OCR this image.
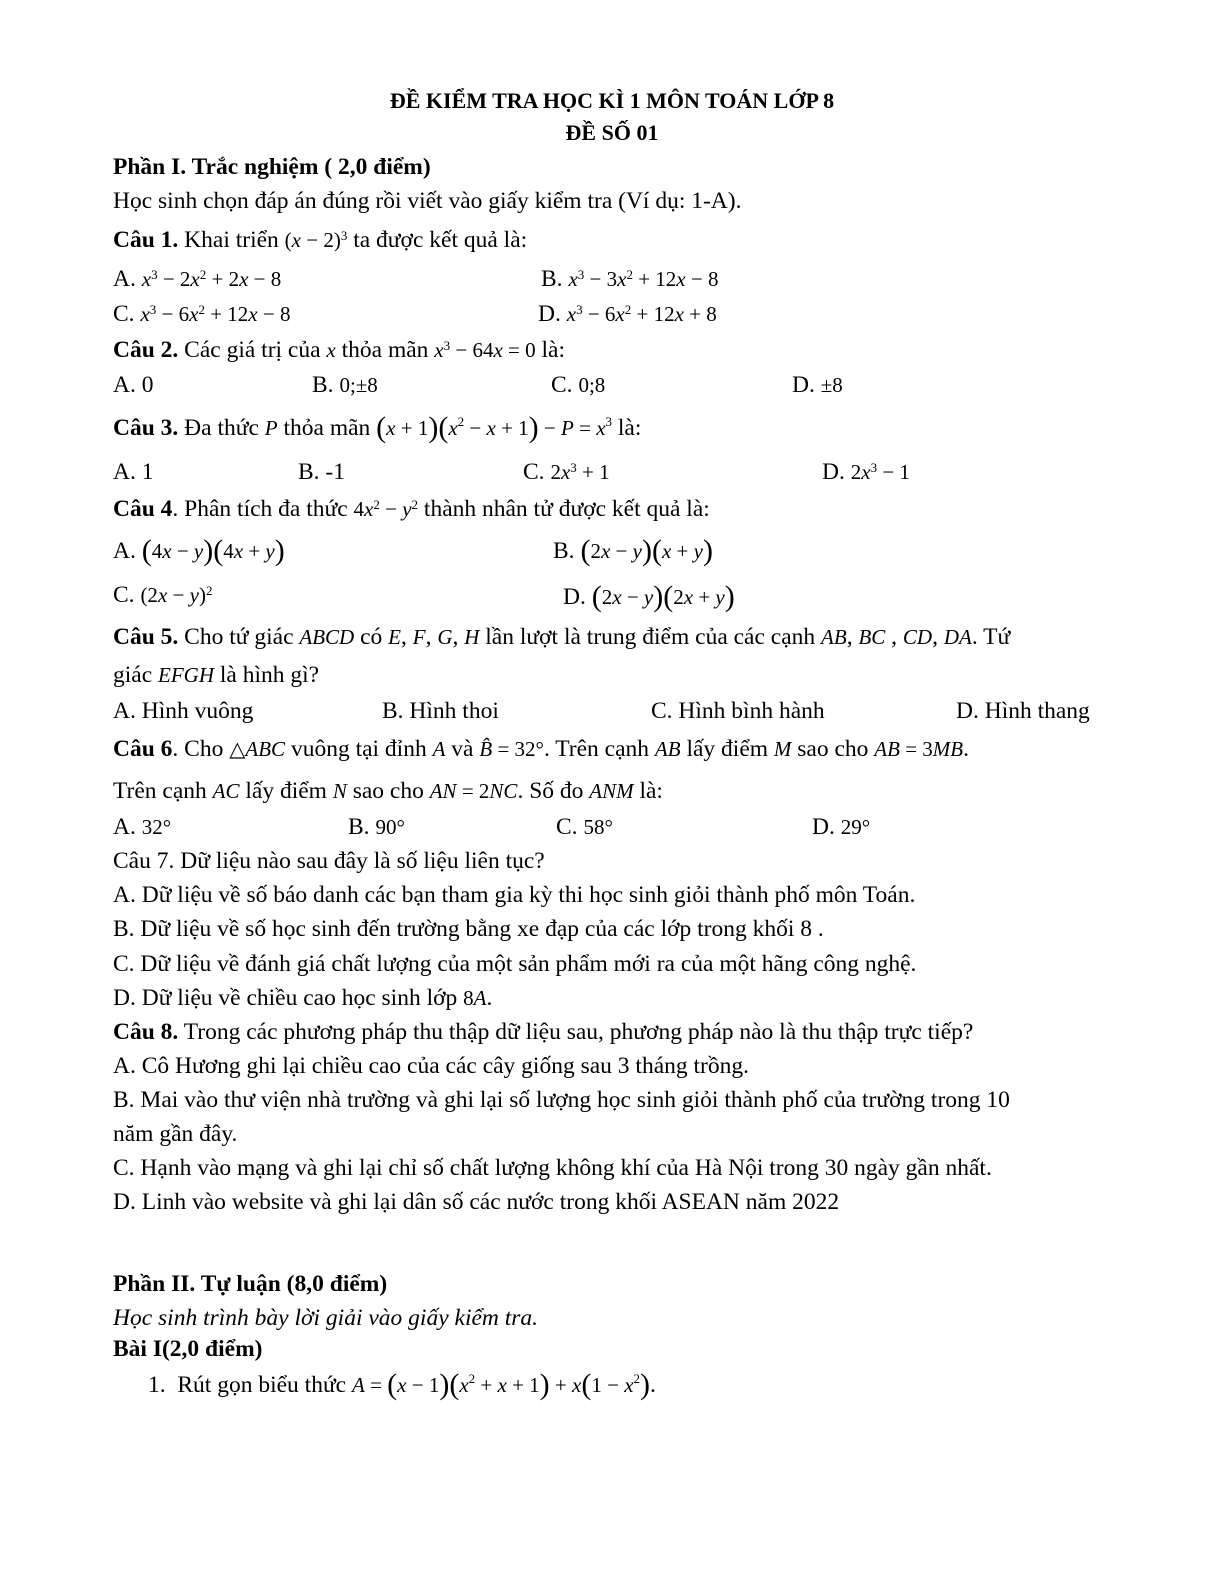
ĐỀ KIỂM TRA HỌC KÌ 1 MÔN TOÁN LỚP 8
ĐỀ SỐ 01
Phần I. Trắc nghiệm ( 2,0 điểm)
Học sinh chọn đáp án đúng rồi viết vào giấy kiểm tra (Ví dụ: 1-A).
Câu 1. Khai triển $(x - 2)^3$ ta được kết quả là:
A. $x^3 - 2x^2 + 2x - 8$	B. $x^3 - 3x^2 + 12x - 8$
C. $x^3 - 6x^2 + 12x - 8$	D. $x^3 - 6x^2 + 12x + 8$
Câu 2. Các giá trị của x thỏa mãn $x^3 - 64x = 0$ là:
A. 0	B. 0;±8	C. 0;8	D. ±8
Câu 3. Đa thức P thỏa mãn $(x + 1)(x^2 - x + 1) - P = x^3$ là:
A. 1	B. -1	C. $2x^3 + 1$	D. $2x^3 - 1$
Câu 4. Phân tích đa thức $4x^2 - y^2$ thành nhân tử được kết quả là:
A. (4x − y)(4x + y)	B. (2x − y)(x + y)
C. $(2x - y)^2$	D. (2x − y)(2x + y)
Câu 5. Cho tứ giác ABCD có E, F, G, H lần lượt là trung điểm của các cạnh AB, BC , CD, DA. Tứ
giác EFGH là hình gì?
A. Hình vuông	B. Hình thoi	C. Hình bình hành	D. Hình thang
Câu 6. Cho △ABC vuông tại đỉnh A và B̂ = 32°. Trên cạnh AB lấy điểm M sao cho AB = 3MB.
Trên cạnh AC lấy điểm N sao cho AN = 2NC. Số đo ANM là:
A. 32°	B. 90°	C. 58°	D. 29°
Câu 7. Dữ liệu nào sau đây là số liệu liên tục?
A. Dữ liệu về số báo danh các bạn tham gia kỳ thi học sinh giỏi thành phố môn Toán.
B. Dữ liệu về số học sinh đến trường bằng xe đạp của các lớp trong khối 8 .
C. Dữ liệu về đánh giá chất lượng của một sản phẩm mới ra của một hãng công nghệ.
D. Dữ liệu về chiều cao học sinh lớp 8A.
Câu 8. Trong các phương pháp thu thập dữ liệu sau, phương pháp nào là thu thập trực tiếp?
A. Cô Hương ghi lại chiều cao của các cây giống sau 3 tháng trồng.
B. Mai vào thư viện nhà trường và ghi lại số lượng học sinh giỏi thành phố của trường trong 10
năm gần đây.
C. Hạnh vào mạng và ghi lại chỉ số chất lượng không khí của Hà Nội trong 30 ngày gần nhất.
D. Linh vào website và ghi lại dân số các nước trong khối ASEAN năm 2022
Phần II. Tự luận (8,0 điểm)
Học sinh trình bày lời giải vào giấy kiểm tra.
Bài I(2,0 điểm)
1. Rút gọn biểu thức $A = (x - 1)(x^2 + x + 1) + x(1 - x^2)$.
